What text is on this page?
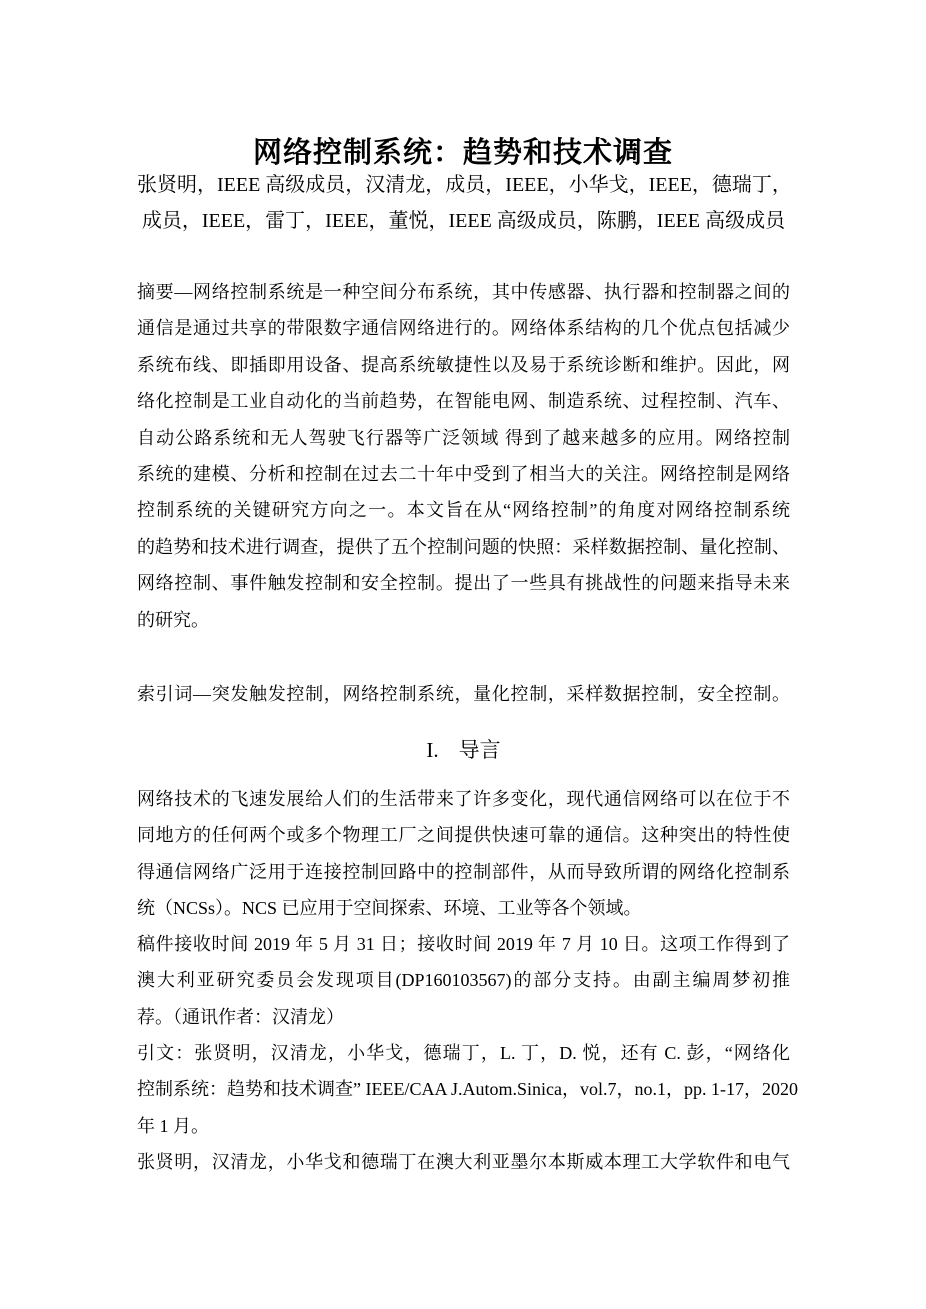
网络控制系统：趋势和技术调查
张贤明，IEEE 高级成员，汉清龙，成员，IEEE，小华戈，IEEE，德瑞丁，
成员，IEEE，雷丁，IEEE，董悦，IEEE 高级成员，陈鹏，IEEE 高级成员
摘要—网络控制系统是一种空间分布系统，其中传感器、执行器和控制器之间的
通信是通过共享的带限数字通信网络进行的。网络体系结构的几个优点包括减少
系统布线、即插即用设备、提高系统敏捷性以及易于系统诊断和维护。因此，网
络化控制是工业自动化的当前趋势，在智能电网、制造系统、过程控制、汽车、
自动公路系统和无人驾驶飞行器等广泛领域 得到了越来越多的应用。网络控制
系统的建模、分析和控制在过去二十年中受到了相当大的关注。网络控制是网络
控制系统的关键研究方向之一。本文旨在从“网络控制”的角度对网络控制系统
的趋势和技术进行调查，提供了五个控制问题的快照：采样数据控制、量化控制、
网络控制、事件触发控制和安全控制。提出了一些具有挑战性的问题来指导未来
的研究。
索引词—突发触发控制，网络控制系统，量化控制，采样数据控制，安全控制。
I. 导言
网络技术的飞速发展给人们的生活带来了许多变化，现代通信网络可以在位于不
同地方的任何两个或多个物理工厂之间提供快速可靠的通信。这种突出的特性使
得通信网络广泛用于连接控制回路中的控制部件，从而导致所谓的网络化控制系
统（NCSs）。NCS 已应用于空间探索、环境、工业等各个领域。
稿件接收时间 2019 年 5 月 31 日；接收时间 2019 年 7 月 10 日。这项工作得到了
澳大利亚研究委员会发现项目(DP160103567)的部分支持。由副主编周梦初推
荐。（通讯作者：汉清龙）
引文：张贤明，汉清龙，小华戈，德瑞丁，L. 丁，D. 悦，还有 C. 彭，“网络化
控制系统：趋势和技术调查” IEEE/CAA J.Autom.Sinica，vol.7，no.1，pp. 1-17，2020
年 1 月。
张贤明，汉清龙，小华戈和德瑞丁在澳大利亚墨尔本斯威本理工大学软件和电气
